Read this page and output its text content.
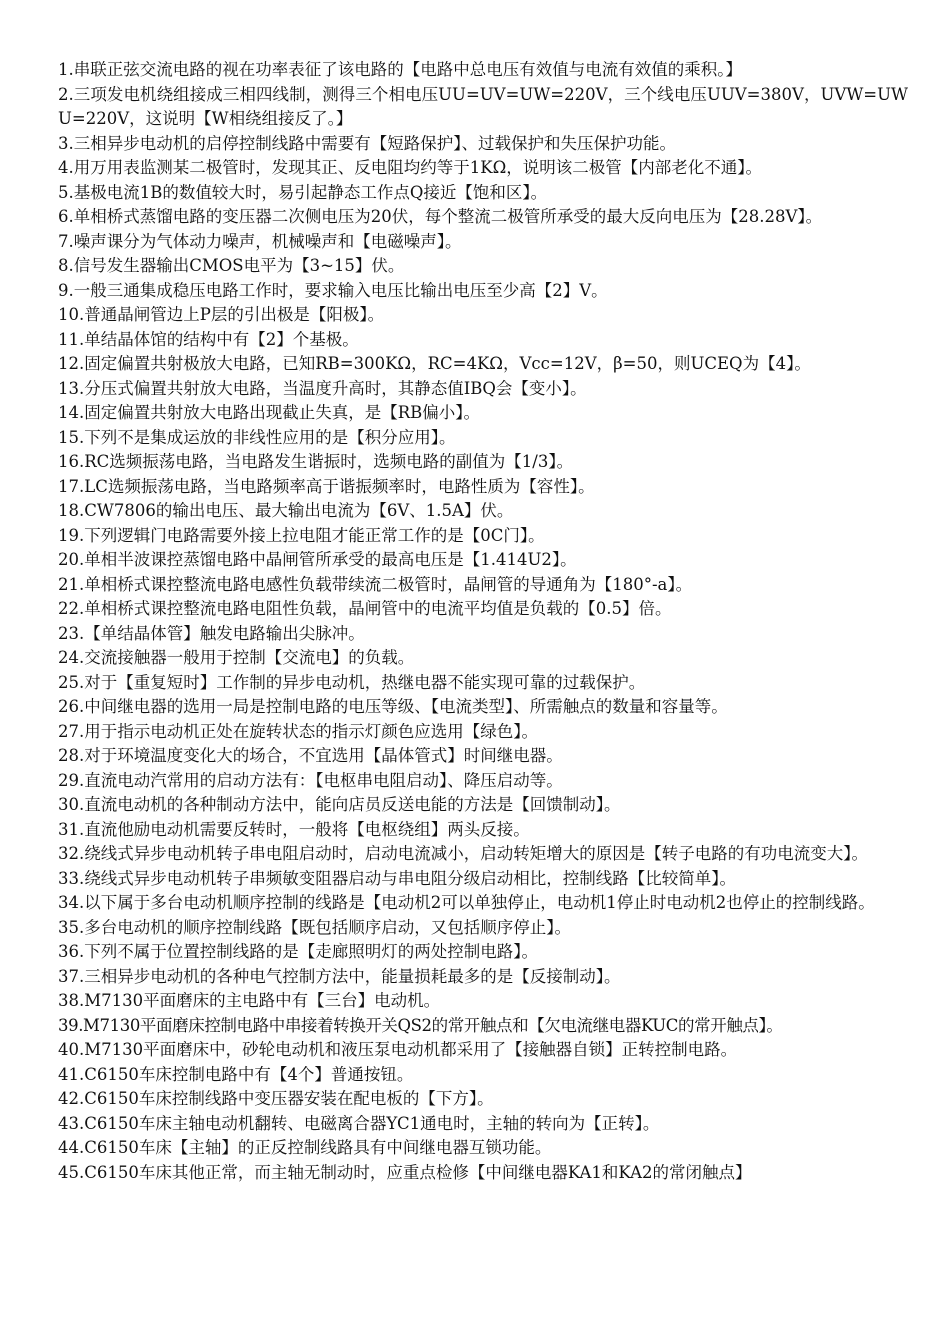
1.串联正弦交流电路的视在功率表征了该电路的【电路中总电压有效值与电流有效值的乘积。】

2.三项发电机绕组接成三相四线制，测得三个相电压UU=UV=UW=220V，三个线电压UUV=380V，UVW=UWU=220V，这说明【W相绕组接反了。】

3.三相异步电动机的启停控制线路中需要有【短路保护】、过载保护和失压保护功能。

4.用万用表监测某二极管时，发现其正、反电阻均约等于1KΩ，说明该二极管【内部老化不通】。

5.基极电流1B的数值较大时，易引起静态工作点Q接近【饱和区】。

6.单相桥式蒸馏电路的变压器二次侧电压为20伏，每个整流二极管所承受的最大反向电压为【28.28V】。

7.噪声课分为气体动力噪声，机械噪声和【电磁噪声】。

8.信号发生器输出CMOS电平为【3~15】伏。

9.一般三通集成稳压电路工作时，要求输入电压比输出电压至少高【2】V。

10.普通晶闸管边上P层的引出极是【阳极】。

11.单结晶体馆的结构中有【2】个基极。

12.固定偏置共射极放大电路，已知RB=300KΩ，RC=4KΩ，Vcc=12V，β=50，则UCEQ为【4】。

13.分压式偏置共射放大电路，当温度升高时，其静态值IBQ会【变小】。

14.固定偏置共射放大电路出现截止失真，是【RB偏小】。

15.下列不是集成运放的非线性应用的是【积分应用】。

16.RC选频振荡电路，当电路发生谐振时，选频电路的副值为【1/3】。

17.LC选频振荡电路，当电路频率高于谐振频率时，电路性质为【容性】。

18.CW7806的输出电压、最大输出电流为【6V、1.5A】伏。

19.下列逻辑门电路需要外接上拉电阻才能正常工作的是【0C门】。

20.单相半波课控蒸馏电路中晶闸管所承受的最高电压是【1.414U2】。

21.单相桥式课控整流电路电感性负载带续流二极管时，晶闸管的导通角为【180°-a】。

22.单相桥式课控整流电路电阻性负载，晶闸管中的电流平均值是负载的【0.5】倍。

23.【单结晶体管】触发电路输出尖脉冲。

24.交流接触器一般用于控制【交流电】的负载。

25.对于【重复短时】工作制的异步电动机，热继电器不能实现可靠的过载保护。

26.中间继电器的选用一局是控制电路的电压等级、【电流类型】、所需触点的数量和容量等。

27.用于指示电动机正处在旋转状态的指示灯颜色应选用【绿色】。

28.对于环境温度变化大的场合，不宜选用【晶体管式】时间继电器。

29.直流电动汽常用的启动方法有：【电枢串电阻启动】、降压启动等。

30.直流电动机的各种制动方法中，能向店员反送电能的方法是【回馈制动】。

31.直流他励电动机需要反转时，一般将【电枢绕组】两头反接。

32.绕线式异步电动机转子串电阻启动时，启动电流减小，启动转矩增大的原因是【转子电路的有功电流变大】。

33.绕线式异步电动机转子串频敏变阻器启动与串电阻分级启动相比，控制线路【比较简单】。

34.以下属于多台电动机顺序控制的线路是【电动机2可以单独停止，电动机1停止时电动机2也停止的控制线路。

35.多台电动机的顺序控制线路【既包括顺序启动，又包括顺序停止】。

36.下列不属于位置控制线路的是【走廊照明灯的两处控制电路】。

37.三相异步电动机的各种电气控制方法中，能量损耗最多的是【反接制动】。

38.M7130平面磨床的主电路中有【三台】电动机。

39.M7130平面磨床控制电路中串接着转换开关QS2的常开触点和【欠电流继电器KUC的常开触点】。

40.M7130平面磨床中，砂轮电动机和液压泵电动机都采用了【接触器自锁】正转控制电路。

41.C6150车床控制电路中有【4个】普通按钮。

42.C6150车床控制线路中变压器安装在配电板的【下方】。

43.C6150车床主轴电动机翻转、电磁离合器YC1通电时，主轴的转向为【正转】。

44.C6150车床【主轴】的正反控制线路具有中间继电器互锁功能。

45.C6150车床其他正常，而主轴无制动时，应重点检修【中间继电器KA1和KA2的常闭触点】
